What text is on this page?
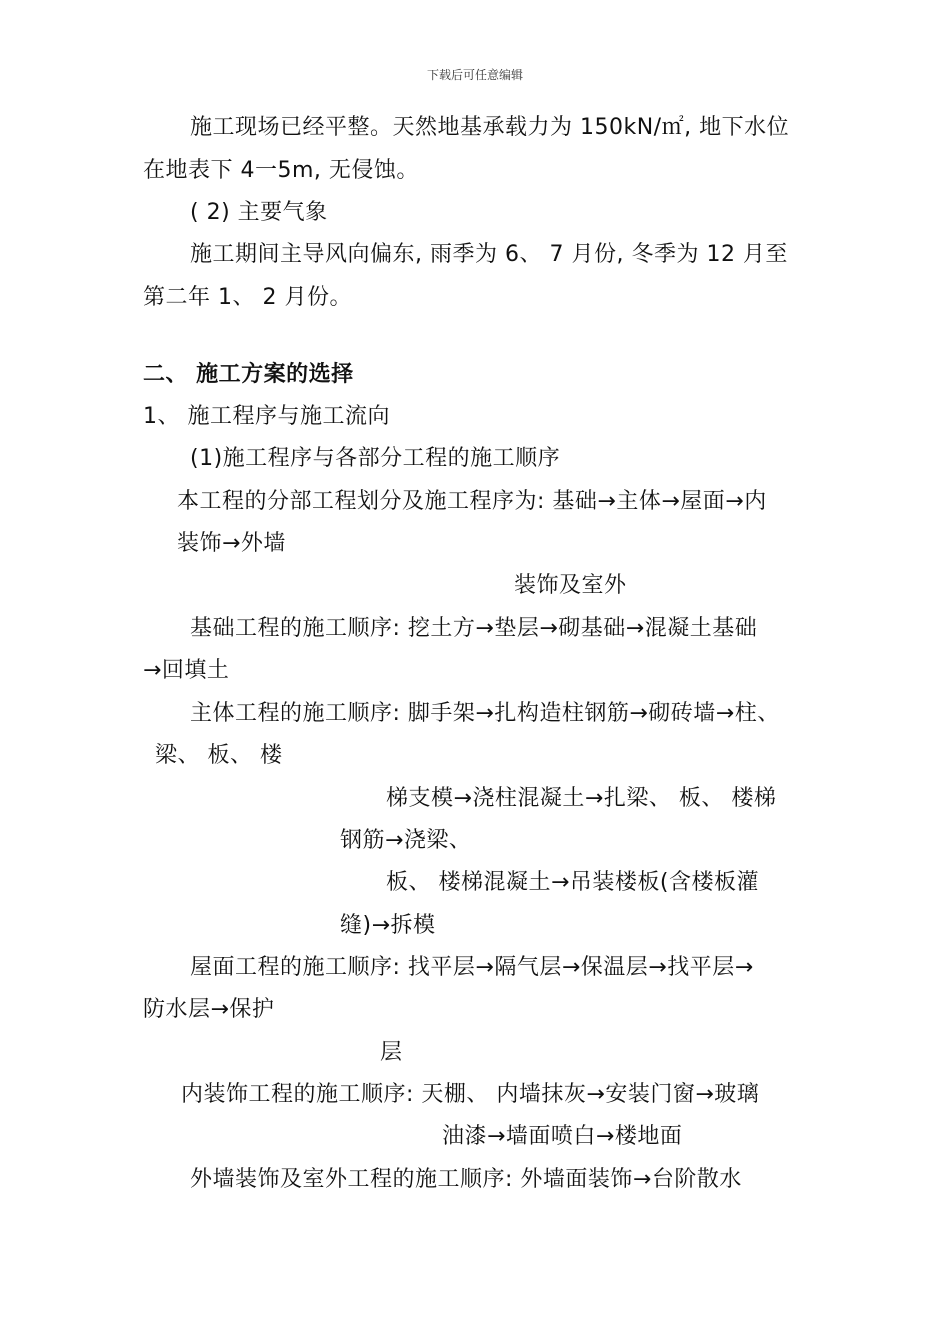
下载后可任意编辑
施工现场已经平整。天然地基承载力为 150kN/㎡, 地下水位
在地表下 4一5m, 无侵蚀。
( 2) 主要气象
施工期间主导风向偏东, 雨季为 6、 7 月份, 冬季为 12 月至
第二年 1、 2 月份。
二、 施工方案的选择
1、 施工程序与施工流向
(1)施工程序与各部分工程的施工顺序
本工程的分部工程划分及施工程序为: 基础→主体→屋面→内
装饰→外墙
装饰及室外
基础工程的施工顺序: 挖土方→垫层→砌基础→混凝土基础
→回填土
主体工程的施工顺序: 脚手架→扎构造柱钢筋→砌砖墙→柱、
梁、 板、 楼
梯支模→浇柱混凝土→扎梁、 板、 楼梯
钢筋→浇梁、
板、 楼梯混凝土→吊装楼板(含楼板灌
缝)→拆模
屋面工程的施工顺序: 找平层→隔气层→保温层→找平层→
防水层→保护
层
内装饰工程的施工顺序: 天棚、 内墙抹灰→安装门窗→玻璃
油漆→墙面喷白→楼地面
外墙装饰及室外工程的施工顺序: 外墙面装饰→台阶散水
